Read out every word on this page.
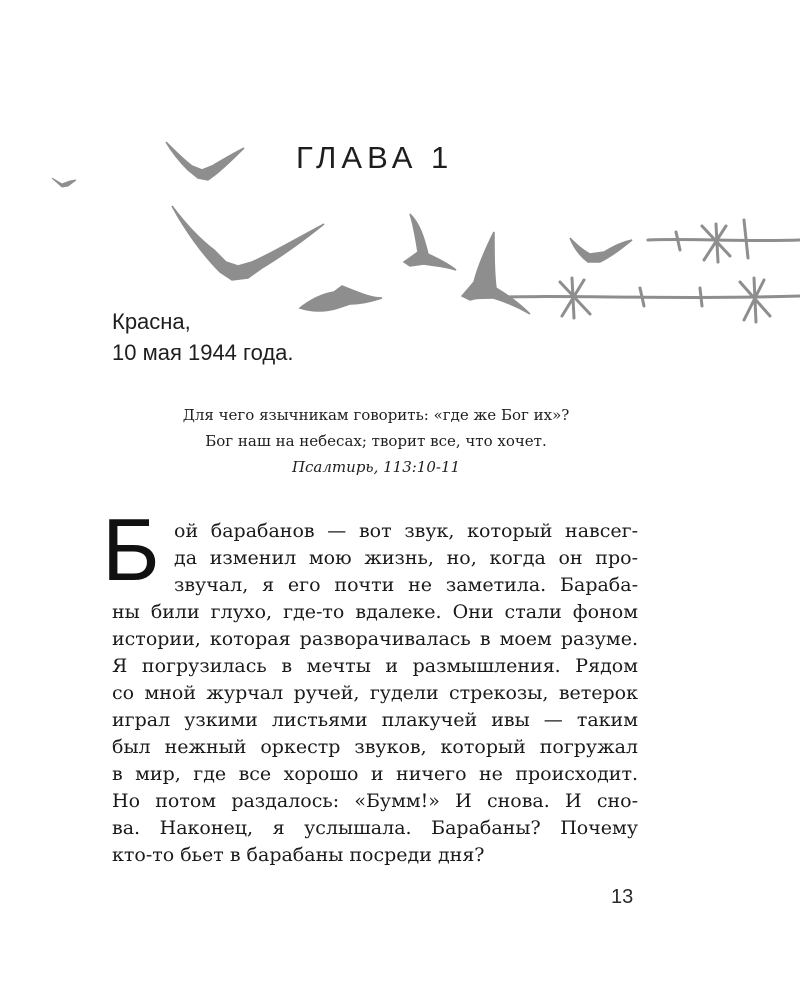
ГЛАВА 1
Красна,
10 мая 1944 года.
Для чего язычникам говорить: «где же Бог их»?
Бог наш на небесах; творит все, что хочет.
Псалтирь, 113:10-11
Б ой барабанов — вот звук, который навсег-
да изменил мою жизнь, но, когда он про-
звучал, я его почти не заметила. Бараба-
ны били глухо, где-то вдалеке. Они стали фоном
истории, которая разворачивалась в моем разуме.
Я погрузилась в мечты и размышления. Рядом
со мной журчал ручей, гудели стрекозы, ветерок
играл узкими листьями плакучей ивы — таким
был нежный оркестр звуков, который погружал
в мир, где все хорошо и ничего не происходит.
Но потом раздалось: «Бумм!» И снова. И сно-
ва. Наконец, я услышала. Барабаны? Почему
кто-то бьет в барабаны посреди дня?
13
